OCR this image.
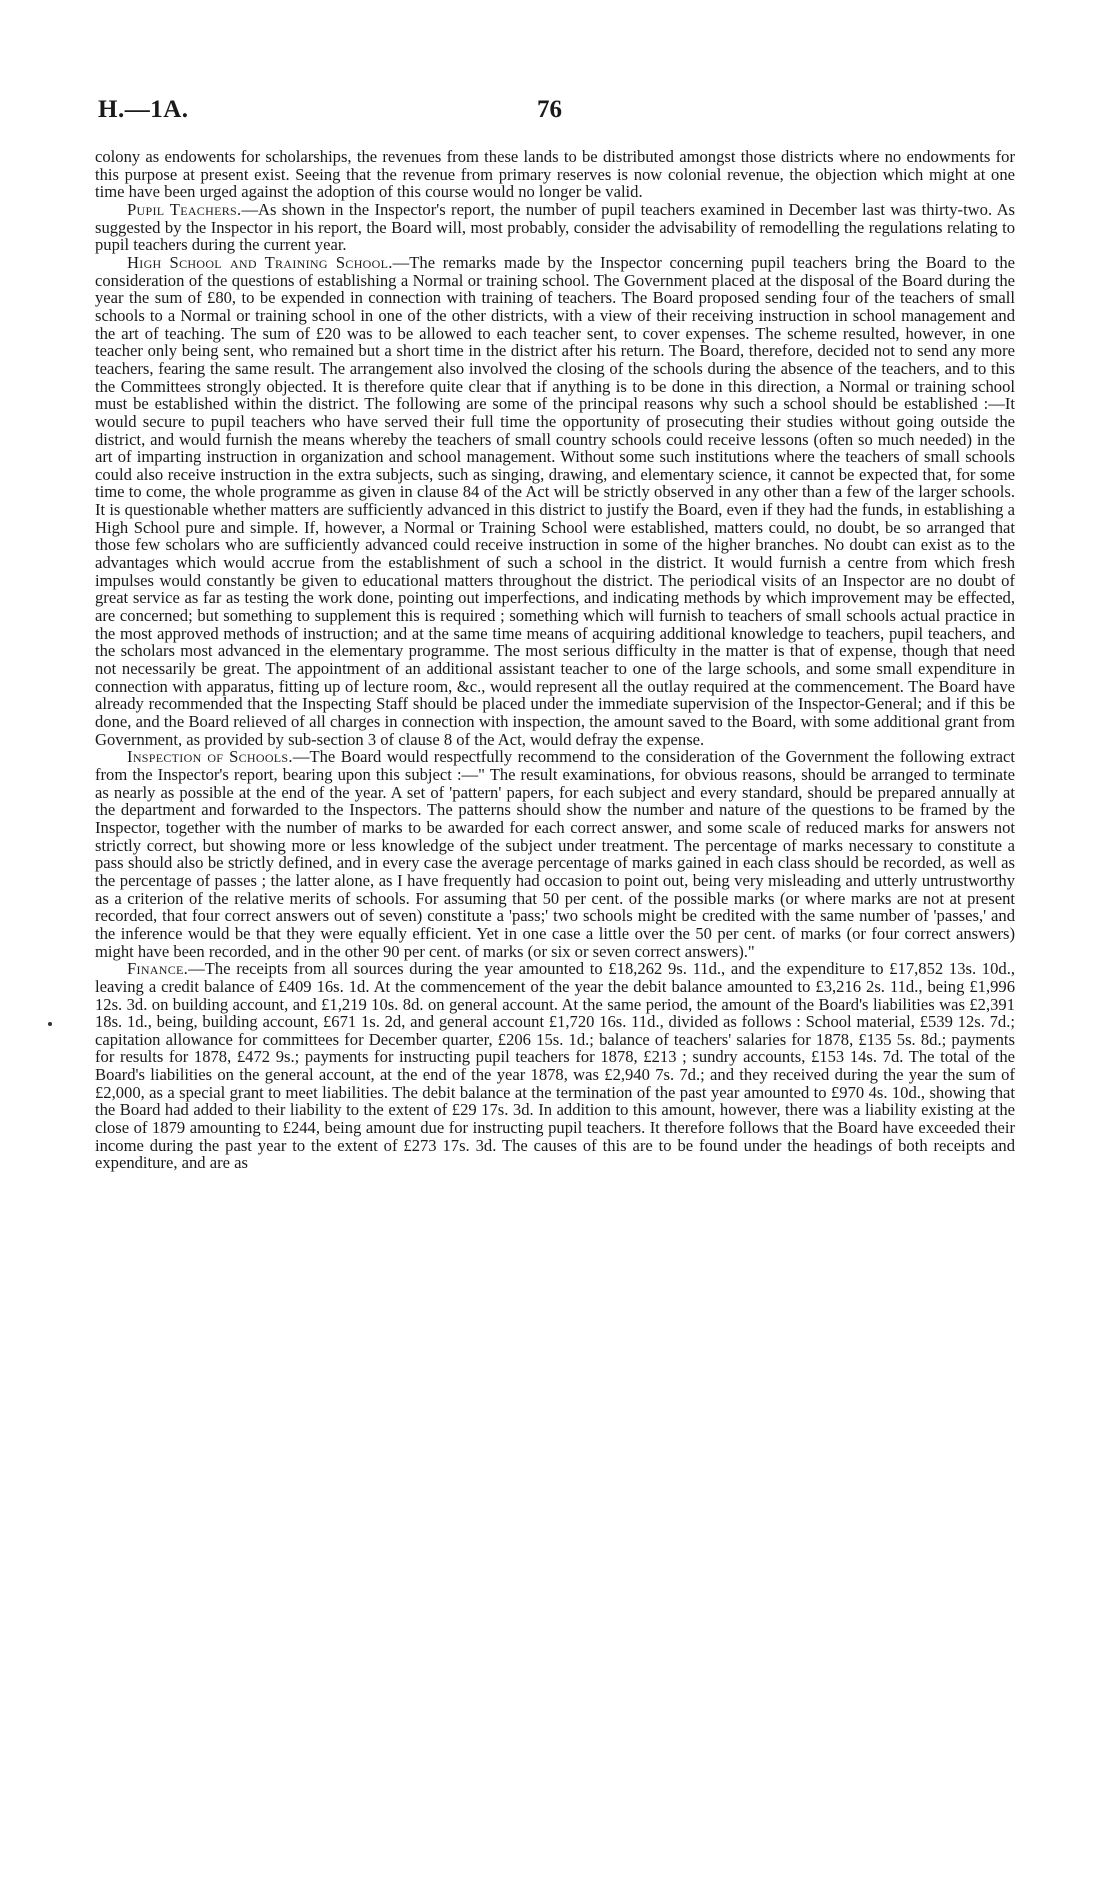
H.—1A.	76

colony as endowents for scholarships, the revenues from these lands to be distributed amongst those districts where no endowments for this purpose at present exist. Seeing that the revenue from primary reserves is now colonial revenue, the objection which might at one time have been urged against the adoption of this course would no longer be valid.

Pupil Teachers.—As shown in the Inspector's report, the number of pupil teachers examined in December last was thirty-two. As suggested by the Inspector in his report, the Board will, most probably, consider the advisability of remodelling the regulations relating to pupil teachers during the current year.

High School and Training School.—The remarks made by the Inspector concerning pupil teachers bring the Board to the consideration of the questions of establishing a Normal or training school. The Government placed at the disposal of the Board during the year the sum of £80, to be expended in connection with training of teachers. The Board proposed sending four of the teachers of small schools to a Normal or training school in one of the other districts, with a view of their receiving instruction in school management and the art of teaching. The sum of £20 was to be allowed to each teacher sent, to cover expenses. The scheme resulted, however, in one teacher only being sent, who remained but a short time in the district after his return. The Board, therefore, decided not to send any more teachers, fearing the same result. The arrangement also involved the closing of the schools during the absence of the teachers, and to this the Committees strongly objected. It is therefore quite clear that if anything is to be done in this direction, a Normal or training school must be established within the district. The following are some of the principal reasons why such a school should be established :—It would secure to pupil teachers who have served their full time the opportunity of prosecuting their studies without going outside the district, and would furnish the means whereby the teachers of small country schools could receive lessons (often so much needed) in the art of imparting instruction in organization and school management. Without some such institutions where the teachers of small schools could also receive instruction in the extra subjects, such as singing, drawing, and elementary science, it cannot be expected that, for some time to come, the whole programme as given in clause 84 of the Act will be strictly observed in any other than a few of the larger schools. It is questionable whether matters are sufficiently advanced in this district to justify the Board, even if they had the funds, in establishing a High School pure and simple. If, however, a Normal or Training School were established, matters could, no doubt, be so arranged that those few scholars who are sufficiently advanced could receive instruction in some of the higher branches. No doubt can exist as to the advantages which would accrue from the establishment of such a school in the district. It would furnish a centre from which fresh impulses would constantly be given to educational matters throughout the district. The periodical visits of an Inspector are no doubt of great service as far as testing the work done, pointing out imperfections, and indicating methods by which improvement may be effected, are concerned; but something to supplement this is required ; something which will furnish to teachers of small schools actual practice in the most approved methods of instruction; and at the same time means of acquiring additional knowledge to teachers, pupil teachers, and the scholars most advanced in the elementary programme. The most serious difficulty in the matter is that of expense, though that need not necessarily be great. The appointment of an additional assistant teacher to one of the large schools, and some small expenditure in connection with apparatus, fitting up of lecture room, &c., would represent all the outlay required at the commencement. The Board have already recommended that the Inspecting Staff should be placed under the immediate supervision of the Inspector-General; and if this be done, and the Board relieved of all charges in connection with inspection, the amount saved to the Board, with some additional grant from Government, as provided by sub-section 3 of clause 8 of the Act, would defray the expense.

Inspection of Schools.—The Board would respectfully recommend to the consideration of the Government the following extract from the Inspector's report, bearing upon this subject :—" The result examinations, for obvious reasons, should be arranged to terminate as nearly as possible at the end of the year. A set of 'pattern' papers, for each subject and every standard, should be prepared annually at the department and forwarded to the Inspectors. The patterns should show the number and nature of the questions to be framed by the Inspector, together with the number of marks to be awarded for each correct answer, and some scale of reduced marks for answers not strictly correct, but showing more or less knowledge of the subject under treatment. The percentage of marks necessary to constitute a pass should also be strictly defined, and in every case the average percentage of marks gained in each class should be recorded, as well as the percentage of passes ; the latter alone, as I have frequently had occasion to point out, being very misleading and utterly untrustworthy as a criterion of the relative merits of schools. For assuming that 50 per cent. of the possible marks (or where marks are not at present recorded, that four correct answers out of seven) constitute a 'pass;' two schools might be credited with the same number of 'passes,' and the inference would be that they were equally efficient. Yet in one case a little over the 50 per cent. of marks (or four correct answers) might have been recorded, and in the other 90 per cent. of marks (or six or seven correct answers)."

Finance.—The receipts from all sources during the year amounted to £18,262 9s. 11d., and the expenditure to £17,852 13s. 10d., leaving a credit balance of £409 16s. 1d. At the commencement of the year the debit balance amounted to £3,216 2s. 11d., being £1,996 12s. 3d. on building account, and £1,219 10s. 8d. on general account. At the same period, the amount of the Board's liabilities was £2,391 18s. 1d., being, building account, £671 1s. 2d, and general account £1,720 16s. 11d., divided as follows : School material, £539 12s. 7d.; capitation allowance for committees for December quarter, £206 15s. 1d.; balance of teachers' salaries for 1878, £135 5s. 8d.; payments for results for 1878, £472 9s.; payments for instructing pupil teachers for 1878, £213 ; sundry accounts, £153 14s. 7d. The total of the Board's liabilities on the general account, at the end of the year 1878, was £2,940 7s. 7d.; and they received during the year the sum of £2,000, as a special grant to meet liabilities. The debit balance at the termination of the past year amounted to £970 4s. 10d., showing that the Board had added to their liability to the extent of £29 17s. 3d. In addition to this amount, however, there was a liability existing at the close of 1879 amounting to £244, being amount due for instructing pupil teachers. It therefore follows that the Board have exceeded their income during the past year to the extent of £273 17s. 3d. The causes of this are to be found under the headings of both receipts and expenditure, and are as
